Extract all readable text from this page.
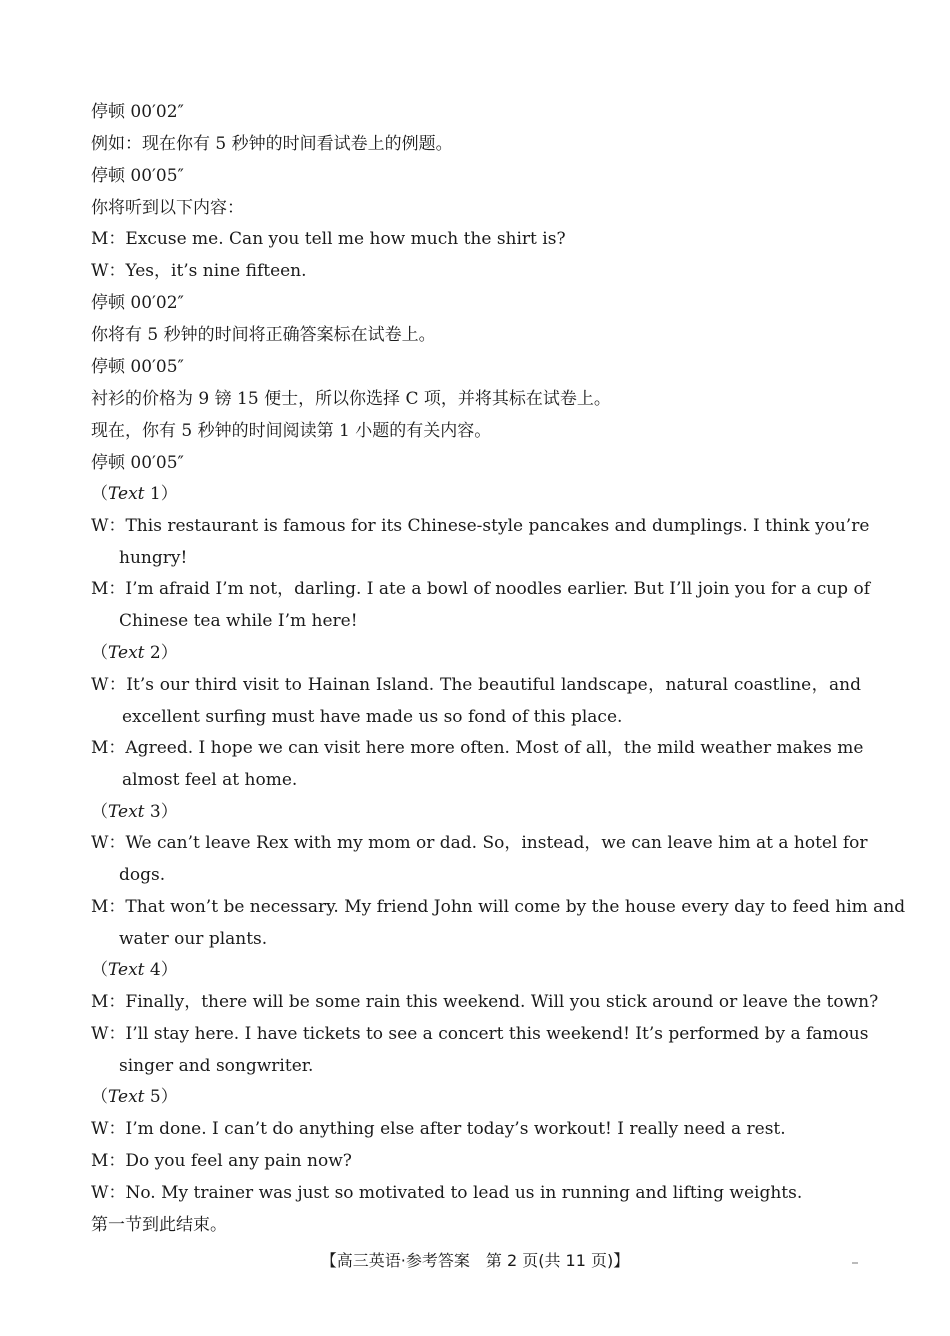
停顿 00′02″
例如：现在你有 5 秒钟的时间看试卷上的例题。
停顿 00′05″
你将听到以下内容：
M：Excuse me. Can you tell me how much the shirt is?
W：Yes，it’s nine fifteen.
停顿 00′02″
你将有 5 秒钟的时间将正确答案标在试卷上。
停顿 00′05″
衬衫的价格为 9 镑 15 便士，所以你选择 C 项，并将其标在试卷上。
现在，你有 5 秒钟的时间阅读第 1 小题的有关内容。
停顿 00′05″
（Text 1）
W：This restaurant is famous for its Chinese-style pancakes and dumplings. I think you’re
hungry!
M：I’m afraid I’m not，darling. I ate a bowl of noodles earlier. But I’ll join you for a cup of
Chinese tea while I’m here!
（Text 2）
W：It’s our third visit to Hainan Island. The beautiful landscape，natural coastline，and
excellent surfing must have made us so fond of this place.
M：Agreed. I hope we can visit here more often. Most of all，the mild weather makes me
almost feel at home.
（Text 3）
W：We can’t leave Rex with my mom or dad. So，instead，we can leave him at a hotel for
dogs.
M：That won’t be necessary. My friend John will come by the house every day to feed him and
water our plants.
（Text 4）
M：Finally，there will be some rain this weekend. Will you stick around or leave the town?
W：I’ll stay here. I have tickets to see a concert this weekend! It’s performed by a famous
singer and songwriter.
（Text 5）
W：I’m done. I can’t do anything else after today’s workout! I really need a rest.
M：Do you feel any pain now?
W：No. My trainer was just so motivated to lead us in running and lifting weights.
第一节到此结束。
【高三英语·参考答案　第 2 页(共 11 页)】
